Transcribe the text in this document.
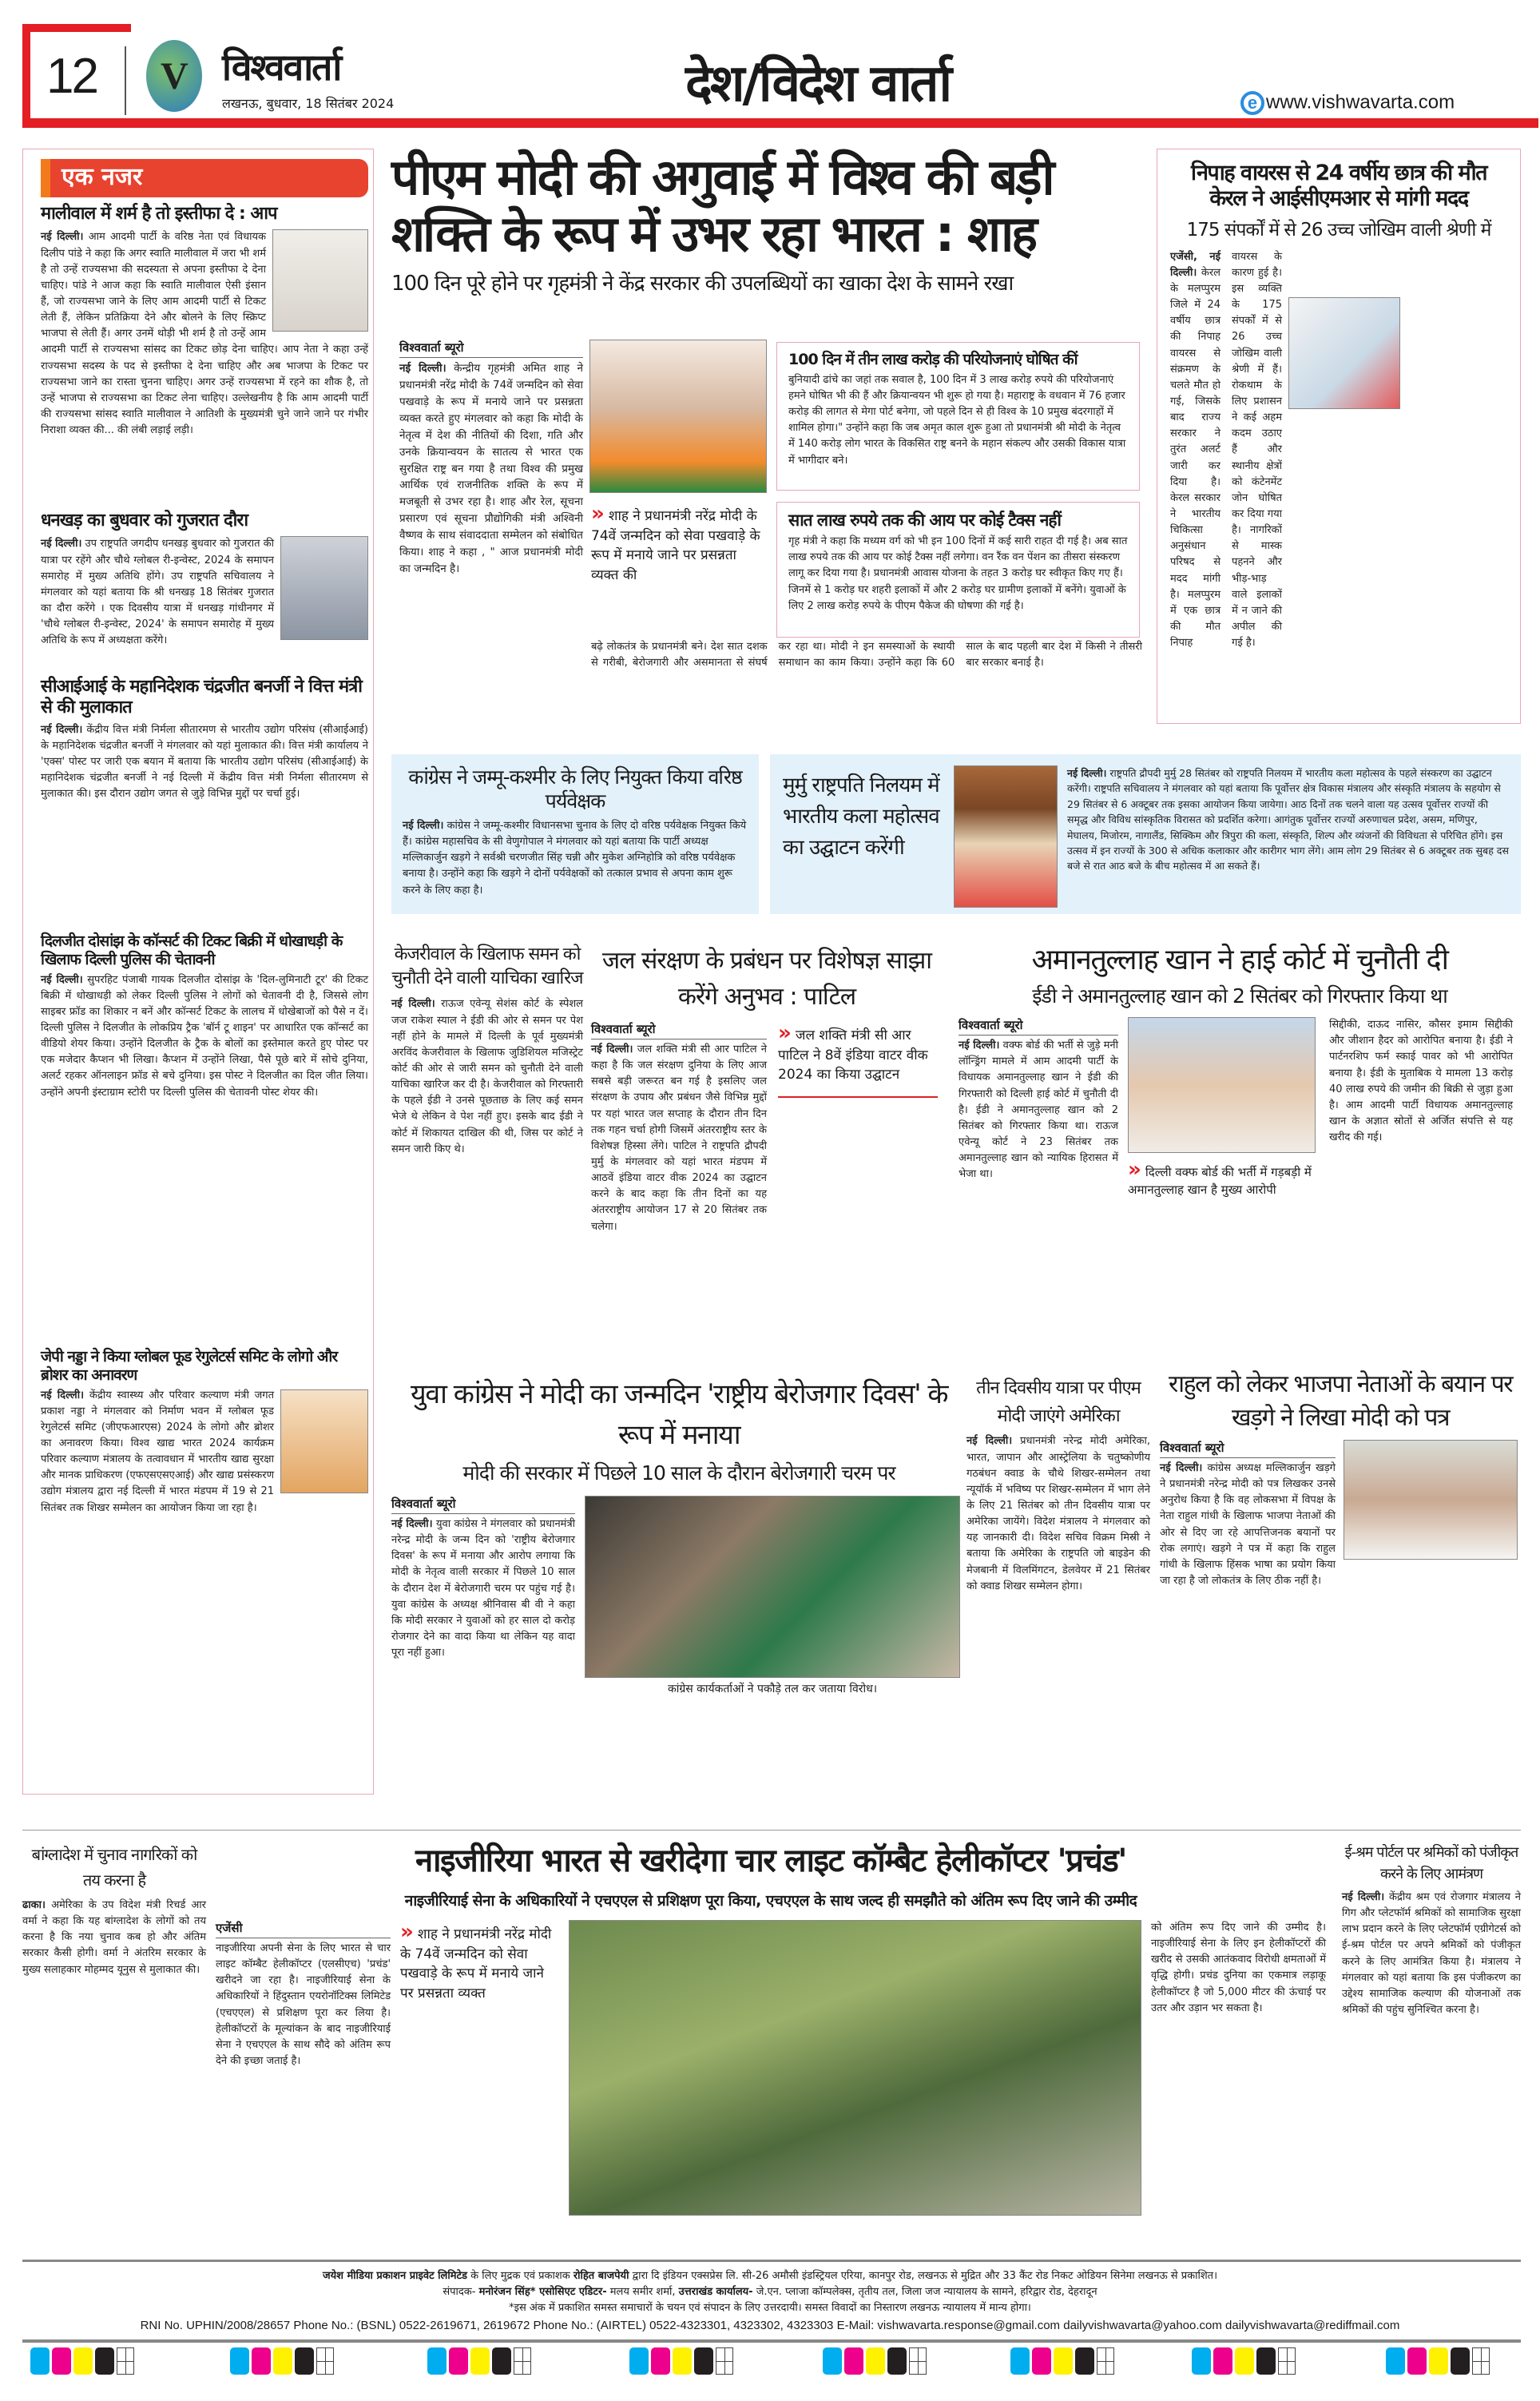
12 V विश्ववार्ता
लखनऊ, बुधवार, 18 सितंबर 2024	देश/विदेश वार्ता	e www.vishwavarta.com
एक नजर
मालीवाल में शर्म है तो इस्तीफा दे : आप
नई दिल्ली। आम आदमी पार्टी के वरिष्ठ नेता एवं विधायक दिलीप पांडे ने कहा कि अगर स्वाति मालीवाल में जरा भी शर्म है तो उन्हें राज्यसभा की सदस्यता से अपना इस्तीफा दे देना चाहिए। पांडे ने आज कहा कि स्वाति मालीवाल ऐसी इंसान हैं, जो राज्यसभा जाने के लिए आम आदमी पार्टी से टिकट लेती हैं, लेकिन प्रतिक्रिया देने और बोलने के लिए स्क्रिप्ट भाजपा से लेती हैं। अगर उनमें थोड़ी भी शर्म है तो उन्हें आम आदमी पार्टी से राज्यसभा सांसद का टिकट छोड़ देना चाहिए। आप नेता ने कहा उन्हें राज्यसभा सदस्य के पद से इस्तीफा दे देना चाहिए और अब भाजपा के टिकट पर राज्यसभा जाने का रास्ता चुनना चाहिए। अगर उन्हें राज्यसभा में रहने का शौक है, तो उन्हें भाजपा से राज्यसभा का टिकट लेना चाहिए। उल्लेखनीय है कि आम आदमी पार्टी की राज्यसभा सांसद स्वाति मालीवाल ने आतिशी के मुख्यमंत्री चुने जाने जाने पर गंभीर निराशा व्यक्त की... की लंबी लड़ाई लड़ी।
धनखड़ का बुधवार को गुजरात दौरा
नई दिल्ली। उप राष्ट्रपति जगदीप धनखड़ बुधवार को गुजरात की यात्रा पर रहेंगे और चौथे ग्लोबल री-इन्वेस्ट, 2024 के समापन समारोह में मुख्य अतिथि होंगे। उप राष्ट्रपति सचिवालय ने मंगलवार को यहां बताया कि श्री धनखड़ 18 सितंबर गुजरात का दौरा करेंगे । एक दिवसीय यात्रा में धनखड़ गांधीनगर में 'चौथे ग्लोबल री-इन्वेस्ट, 2024' के समापन समारोह में मुख्य अतिथि के रूप में अध्यक्षता करेंगे।
सीआईआई के महानिदेशक चंद्रजीत बनर्जी ने वित्त मंत्री से की मुलाकात
नई दिल्ली। केंद्रीय वित्त मंत्री निर्मला सीतारमण से भारतीय उद्योग परिसंघ (सीआईआई) के महानिदेशक चंद्रजीत बनर्जी ने मंगलवार को यहां मुलाकात की। वित्त मंत्री कार्यालय ने 'एक्स' पोस्ट पर जारी एक बयान में बताया कि भारतीय उद्योग परिसंघ (सीआईआई) के महानिदेशक चंद्रजीत बनर्जी ने नई दिल्ली में केंद्रीय वित्त मंत्री निर्मला सीतारमण से मुलाकात की। इस दौरान उद्योग जगत से जुड़े विभिन्न मुद्दों पर चर्चा हुई।
दिलजीत दोसांझ के कॉन्सर्ट की टिकट बिक्री में धोखाधड़ी के खिलाफ दिल्ली पुलिस की चेतावनी
नई दिल्ली। सुपरहिट पंजाबी गायक दिलजीत दोसांझ के 'दिल-लुमिनाटी टूर' की टिकट बिक्री में धोखाधड़ी को लेकर दिल्ली पुलिस ने लोगों को चेतावनी दी है, जिससे लोग साइबर फ्रॉड का शिकार न बनें और कॉन्सर्ट टिकट के लालच में धोखेबाजों को पैसे न दें। दिल्ली पुलिस ने दिलजीत के लोकप्रिय ट्रैक 'बॉर्न टू शाइन' पर आधारित एक कॉन्सर्ट का वीडियो शेयर किया। उन्होंने दिलजीत के ट्रैक के बोलों का इस्तेमाल करते हुए पोस्ट पर एक मजेदार कैप्शन भी लिखा। कैप्शन में उन्होंने लिखा, पैसे पूछे बारे में सोचे दुनिया, अलर्ट रहकर ऑनलाइन फ्रॉड से बचे दुनिया। इस पोस्ट ने दिलजीत का दिल जीत लिया। उन्होंने अपनी इंस्टाग्राम स्टोरी पर दिल्ली पुलिस की चेतावनी पोस्ट शेयर की।
जेपी नड्डा ने किया ग्लोबल फूड रेगुलेटर्स समिट के लोगो और ब्रोशर का अनावरण
नई दिल्ली। केंद्रीय स्वास्थ्य और परिवार कल्याण मंत्री जगत प्रकाश नड्डा ने मंगलवार को निर्माण भवन में ग्लोबल फूड रेगुलेटर्स समिट (जीएफआरएस) 2024 के लोगो और ब्रोशर का अनावरण किया। विश्व खाद्य भारत 2024 कार्यक्रम परिवार कल्याण मंत्रालय के तत्वावधान में भारतीय खाद्य सुरक्षा और मानक प्राधिकरण (एफएसएसएआई) और खाद्य प्रसंस्करण उद्योग मंत्रालय द्वारा नई दिल्ली में भारत मंडपम में 19 से 21 सितंबर तक शिखर सम्मेलन का आयोजन किया जा रहा है।
पीएम मोदी की अगुवाई में विश्व की बड़ी
शक्ति के रूप में उभर रहा भारत : शाह
100 दिन पूरे होने पर गृहमंत्री ने केंद्र सरकार की उपलब्धियों का खाका देश के सामने रखा
विश्ववार्ता ब्यूरो
नई दिल्ली। केन्द्रीय गृहमंत्री अमित शाह ने प्रधानमंत्री नरेंद्र मोदी के 74वें जन्मदिन को सेवा पखवाड़े के रूप में मनाये जाने पर प्रसन्नता व्यक्त करते हुए मंगलवार को कहा कि मोदी के नेतृत्व में देश की नीतियों की दिशा, गति और उनके क्रियान्वयन के सातत्य से भारत एक सुरक्षित राष्ट्र बन गया है तथा विश्व की प्रमुख आर्थिक एवं राजनीतिक शक्ति के रूप में मजबूती से उभर रहा है। शाह और रेल, सूचना प्रसारण एवं सूचना प्रौद्योगिकी मंत्री अश्विनी वैष्णव के साथ संवाददाता सम्मेलन को संबोधित किया। शाह ने कहा , " आज प्रधानमंत्री मोदी का जन्मदिन है।
» शाह ने प्रधानमंत्री नरेंद्र मोदी के 74वें जन्मदिन को सेवा पखवाड़े के रूप में मनाये जाने पर प्रसन्नता व्यक्त की
100 दिन में तीन लाख करोड़ की परियोजनाएं घोषित कीं
बुनियादी ढांचे का जहां तक सवाल है, 100 दिन में 3 लाख करोड़ रुपये की परियोजनाएं हमने घोषित भी की हैं और क्रियान्वयन भी शुरू हो गया है। महाराष्ट्र के वधवान में 76 हजार करोड़ की लागत से मेगा पोर्ट बनेगा, जो पहले दिन से ही विश्व के 10 प्रमुख बंदरगाहों में शामिल होगा।" उन्होंने कहा कि जब अमृत काल शुरू हुआ तो प्रधानमंत्री श्री मोदी के नेतृत्व में 140 करोड़ लोग भारत के विकसित राष्ट्र बनने के महान संकल्प और उसकी विकास यात्रा में भागीदार बने।
सात लाख रुपये तक की आय पर कोई टैक्स नहीं
गृह मंत्री ने कहा कि मध्यम वर्ग को भी इन 100 दिनों में कई सारी राहत दी गई है। अब सात लाख रुपये तक की आय पर कोई टैक्स नहीं लगेगा। वन रैंक वन पेंशन का तीसरा संस्करण लागू कर दिया गया है। प्रधानमंत्री आवास योजना के तहत 3 करोड़ घर स्वीकृत किए गए हैं। जिनमें से 1 करोड़ घर शहरी इलाकों में और 2 करोड़ घर ग्रामीण इलाकों में बनेंगे। युवाओं के लिए 2 लाख करोड़ रुपये के पीएम पैकेज की घोषणा की गई है।
बढ़े लोकतंत्र के प्रधानमंत्री बने। देश सात दशक से गरीबी, बेरोजगारी और असमानता से संघर्ष कर रहा था। मोदी ने इन समस्याओं के स्थायी समाधान का काम किया। उन्होंने कहा कि 60 साल के बाद पहली बार देश में किसी ने तीसरी बार सरकार बनाई है।
निपाह वायरस से 24 वर्षीय छात्र की मौत
केरल ने आईसीएमआर से मांगी मदद
175 संपर्कों में से 26 उच्च जोखिम वाली श्रेणी में
एजेंसी, नई दिल्ली। केरल के मलप्पुरम जिले में 24 वर्षीय छात्र की निपाह वायरस से संक्रमण के चलते मौत हो गई, जिसके बाद राज्य सरकार ने तुरंत अलर्ट जारी कर दिया है। केरल सरकार ने भारतीय चिकित्सा अनुसंधान परिषद से मदद मांगी है। मलप्पुरम में एक छात्र की मौत निपाह वायरस के कारण हुई है। इस व्यक्ति के 175 संपर्कों में से 26 उच्च जोखिम वाली श्रेणी में हैं। रोकथाम के लिए प्रशासन ने कई अहम कदम उठाए हैं और स्थानीय क्षेत्रों को कंटेनमेंट जोन घोषित कर दिया गया है। नागरिकों से मास्क पहनने और भीड़-भाड़ वाले इलाकों में न जाने की अपील की गई है।
कांग्रेस ने जम्मू-कश्मीर के लिए नियुक्त किया वरिष्ठ पर्यवेक्षक
नई दिल्ली। कांग्रेस ने जम्मू-कश्मीर विधानसभा चुनाव के लिए दो वरिष्ठ पर्यवेक्षक नियुक्त किये हैं। कांग्रेस महासचिव के सी वेणुगोपाल ने मंगलवार को यहां बताया कि पार्टी अध्यक्ष मल्लिकार्जुन खड़गे ने सर्वश्री चरणजीत सिंह चन्नी और मुकेश अग्निहोत्रि को वरिष्ठ पर्यवेक्षक बनाया है। उन्होंने कहा कि खड़गे ने दोनों पर्यवेक्षकों को तत्काल प्रभाव से अपना काम शुरू करने के लिए कहा है।
मुर्मु राष्ट्रपति निलयम में भारतीय कला महोत्सव का उद्घाटन करेंगी
नई दिल्ली। राष्ट्रपति द्रौपदी मुर्मु 28 सितंबर को राष्ट्रपति निलयम में भारतीय कला महोत्सव के पहले संस्करण का उद्घाटन करेंगी। राष्ट्रपति सचिवालय ने मंगलवार को यहां बताया कि पूर्वोत्तर क्षेत्र विकास मंत्रालय और संस्कृति मंत्रालय के सहयोग से 29 सितंबर से 6 अक्टूबर तक इसका आयोजन किया जायेगा। आठ दिनों तक चलने वाला यह उत्सव पूर्वोत्तर राज्यों की समृद्ध और विविध सांस्कृतिक विरासत को प्रदर्शित करेगा। आगंतुक पूर्वोत्तर राज्यों अरुणाचल प्रदेश, असम, मणिपुर, मेघालय, मिजोरम, नागालैंड, सिक्किम और त्रिपुरा की कला, संस्कृति, शिल्प और व्यंजनों की विविधता से परिचित होंगे। इस उत्सव में इन राज्यों के 300 से अधिक कलाकार और कारीगर भाग लेंगे। आम लोग 29 सितंबर से 6 अक्टूबर तक सुबह दस बजे से रात आठ बजे के बीच महोत्सव में आ सकते हैं।
केजरीवाल के खिलाफ समन को चुनौती देने वाली याचिका खारिज
नई दिल्ली। राऊज एवेन्यू सेशंस कोर्ट के स्पेशल जज राकेश स्याल ने ईडी की ओर से समन पर पेश नहीं होने के मामले में दिल्ली के पूर्व मुख्यमंत्री अरविंद केजरीवाल के खिलाफ जुडिशियल मजिस्ट्रेट कोर्ट की ओर से जारी समन को चुनौती देने वाली याचिका खारिज कर दी है। केजरीवाल को गिरफ्तारी के पहले ईडी ने उनसे पूछताछ के लिए कई समन भेजे थे लेकिन वे पेश नहीं हुए। इसके बाद ईडी ने कोर्ट में शिकायत दाखिल की थी, जिस पर कोर्ट ने समन जारी किए थे।
जल संरक्षण के प्रबंधन पर विशेषज्ञ साझा करेंगे अनुभव : पाटिल
विश्ववार्ता ब्यूरो
नई दिल्ली। जल शक्ति मंत्री सी आर पाटिल ने कहा है कि जल संरक्षण दुनिया के लिए आज सबसे बड़ी जरूरत बन गई है इसलिए जल संरक्षण के उपाय और प्रबंधन जैसे विभिन्न मुद्दों पर यहां भारत जल सप्ताह के दौरान तीन दिन तक गहन चर्चा होगी जिसमें अंतरराष्ट्रीय स्तर के विशेषज्ञ हिस्सा लेंगे। पाटिल ने राष्ट्रपति द्रौपदी मुर्मु के मंगलवार को यहां भारत मंडपम में आठवें इंडिया वाटर वीक 2024 का उद्घाटन करने के बाद कहा कि तीन दिनों का यह अंतरराष्ट्रीय आयोजन 17 से 20 सितंबर तक चलेगा।
» जल शक्ति मंत्री सी आर पाटिल ने 8वें इंडिया वाटर वीक 2024 का किया उद्घाटन
अमानतुल्लाह खान ने हाई कोर्ट में चुनौती दी
ईडी ने अमानतुल्लाह खान को 2 सितंबर को गिरफ्तार किया था
विश्ववार्ता ब्यूरो
नई दिल्ली। वक्फ बोर्ड की भर्ती से जुड़े मनी लॉन्ड्रिंग मामले में आम आदमी पार्टी के विधायक अमानतुल्लाह खान ने ईडी की गिरफ्तारी को दिल्ली हाई कोर्ट में चुनौती दी है। ईडी ने अमानतुल्लाह खान को 2 सितंबर को गिरफ्तार किया था। राऊज एवेन्यू कोर्ट ने 23 सितंबर तक अमानतुल्लाह खान को न्यायिक हिरासत में भेजा था।	» दिल्ली वक्फ बोर्ड की भर्ती में गड़बड़ी में अमानतुल्लाह खान है मुख्य आरोपी
सिद्दीकी, दाऊद नासिर, कौसर इमाम सिद्दीकी और जीशान हैदर को आरोपित बनाया है। ईडी ने पार्टनरशिप फर्म स्काई पावर को भी आरोपित बनाया है। ईडी के मुताबिक ये मामला 13 करोड़ 40 लाख रुपये की जमीन की बिक्री से जुड़ा हुआ है। आम आदमी पार्टी विधायक अमानतुल्लाह खान के अज्ञात स्रोतों से अर्जित संपत्ति से यह खरीद की गई।
युवा कांग्रेस ने मोदी का जन्मदिन 'राष्ट्रीय बेरोजगार दिवस' के रूप में मनाया
मोदी की सरकार में पिछले 10 साल के दौरान बेरोजगारी चरम पर
विश्ववार्ता ब्यूरो
नई दिल्ली। युवा कांग्रेस ने मंगलवार को प्रधानमंत्री नरेन्द्र मोदी के जन्म दिन को 'राष्ट्रीय बेरोजगार दिवस' के रूप में मनाया और आरोप लगाया कि मोदी के नेतृत्व वाली सरकार में पिछले 10 साल के दौरान देश में बेरोजगारी चरम पर पहुंच गई है। युवा कांग्रेस के अध्यक्ष श्रीनिवास बी वी ने कहा कि मोदी सरकार ने युवाओं को हर साल दो करोड़ रोजगार देने का वादा किया था लेकिन यह वादा पूरा नहीं हुआ।
कांग्रेस कार्यकर्ताओं ने पकौड़े तल कर जताया विरोध।
तीन दिवसीय यात्रा पर पीएम मोदी जाएंगे अमेरिका
नई दिल्ली। प्रधानमंत्री नरेन्द्र मोदी अमेरिका, भारत, जापान और आस्ट्रेलिया के चतुष्कोणीय गठबंधन क्वाड के चौथे शिखर-सम्मेलन तथा न्यूयॉर्क में भविष्य पर शिखर-सम्मेलन में भाग लेने के लिए 21 सितंबर को तीन दिवसीय यात्रा पर अमेरिका जायेंगे। विदेश मंत्रालय ने मंगलवार को यह जानकारी दी। विदेश सचिव विक्रम मिस्री ने बताया कि अमेरिका के राष्ट्रपति जो बाइडेन की मेजबानी में विलमिंगटन, डेलवेयर में 21 सितंबर को क्वाड शिखर सम्मेलन होगा।
राहुल को लेकर भाजपा नेताओं के बयान पर खड़गे ने लिखा मोदी को पत्र
विश्ववार्ता ब्यूरो
नई दिल्ली। कांग्रेस अध्यक्ष मल्लिकार्जुन खड़गे ने प्रधानमंत्री नरेन्द्र मोदी को पत्र लिखकर उनसे अनुरोध किया है कि वह लोकसभा में विपक्ष के नेता राहुल गांधी के खिलाफ भाजपा नेताओं की ओर से दिए जा रहे आपत्तिजनक बयानों पर रोक लगाएं। खड़गे ने पत्र में कहा कि राहुल गांधी के खिलाफ हिंसक भाषा का प्रयोग किया जा रहा है जो लोकतंत्र के लिए ठीक नहीं है।
बांग्लादेश में चुनाव नागरिकों को तय करना है
ढाका। अमेरिका के उप विदेश मंत्री रिचर्ड आर वर्मा ने कहा कि यह बांग्लादेश के लोगों को तय करना है कि नया चुनाव कब हो और अंतिम सरकार कैसी होगी। वर्मा ने अंतरिम सरकार के मुख्य सलाहकार मोहम्मद यूनुस से मुलाकात की।
नाइजीरिया भारत से खरीदेगा चार लाइट कॉम्बैट हेलीकॉप्टर 'प्रचंड'
नाइजीरियाई सेना के अधिकारियों ने एचएएल से प्रशिक्षण पूरा किया, एचएएल के साथ जल्द ही समझौते को अंतिम रूप दिए जाने की उम्मीद
एजेंसी
नाइजीरिया अपनी सेना के लिए भारत से चार लाइट कॉम्बैट हेलीकॉप्टर (एलसीएच) 'प्रचंड' खरीदने जा रहा है। नाइजीरियाई सेना के अधिकारियों ने हिंदुस्तान एयरोनॉटिक्स लिमिटेड (एचएएल) से प्रशिक्षण पूरा कर लिया है। हेलीकॉप्टरों के मूल्यांकन के बाद नाइजीरियाई सेना ने एचएएल के साथ सौदे को अंतिम रूप देने की इच्छा जताई है।
» शाह ने प्रधानमंत्री नरेंद्र मोदी के 74वें जन्मदिन को सेवा पखवाड़े के रूप में मनाये जाने पर प्रसन्नता व्यक्त
को अंतिम रूप दिए जाने की उम्मीद है। नाइजीरियाई सेना के लिए इन हेलीकॉप्टरों की खरीद से उसकी आतंकवाद विरोधी क्षमताओं में वृद्धि होगी। प्रचंड दुनिया का एकमात्र लड़ाकू हेलीकॉप्टर है जो 5,000 मीटर की ऊंचाई पर उतर और उड़ान भर सकता है।
ई-श्रम पोर्टल पर श्रमिकों को पंजीकृत करने के लिए आमंत्रण
नई दिल्ली। केंद्रीय श्रम एवं रोजगार मंत्रालय ने गिग और प्लेटफॉर्म श्रमिकों को सामाजिक सुरक्षा लाभ प्रदान करने के लिए प्लेटफॉर्म एग्रीगेटर्स को ई-श्रम पोर्टल पर अपने श्रमिकों को पंजीकृत करने के लिए आमंत्रित किया है। मंत्रालय ने मंगलवार को यहां बताया कि इस पंजीकरण का उद्देश्य सामाजिक कल्याण की योजनाओं तक श्रमिकों की पहुंच सुनिश्चित करना है।
जयेश मीडिया प्रकाशन प्राइवेट लिमिटेड के लिए मुद्रक एवं प्रकाशक रोहित बाजपेयी द्वारा दि इंडियन एक्सप्रेस लि. सी-26 अमौसी इंडस्ट्रियल एरिया, कानपुर रोड, लखनऊ से मुद्रित और 33 कैंट रोड निकट ओडियन सिनेमा लखनऊ से प्रकाशित।
संपादक- मनोरंजन सिंह* एसोसिएट एडिटर- मलय समीर शर्मा, उत्तराखंड कार्यालय- जे.एन. प्लाजा कॉम्पलेक्स, तृतीय तल, जिला जज न्यायालय के सामने, हरिद्वार रोड, देहरादून
*इस अंक में प्रकाशित समस्त समाचारों के चयन एवं संपादन के लिए उत्तरदायी। समस्त विवादों का निस्तारण लखनऊ न्यायालय में मान्य होगा।
RNI No. UPHIN/2008/28657 Phone No.: (BSNL) 0522-2619671, 2619672 Phone No.: (AIRTEL) 0522-4323301, 4323302, 4323303 E-Mail: vishwavarta.response@gmail.com dailyvishwavarta@yahoo.com dailyvishwavarta@rediffmail.com
